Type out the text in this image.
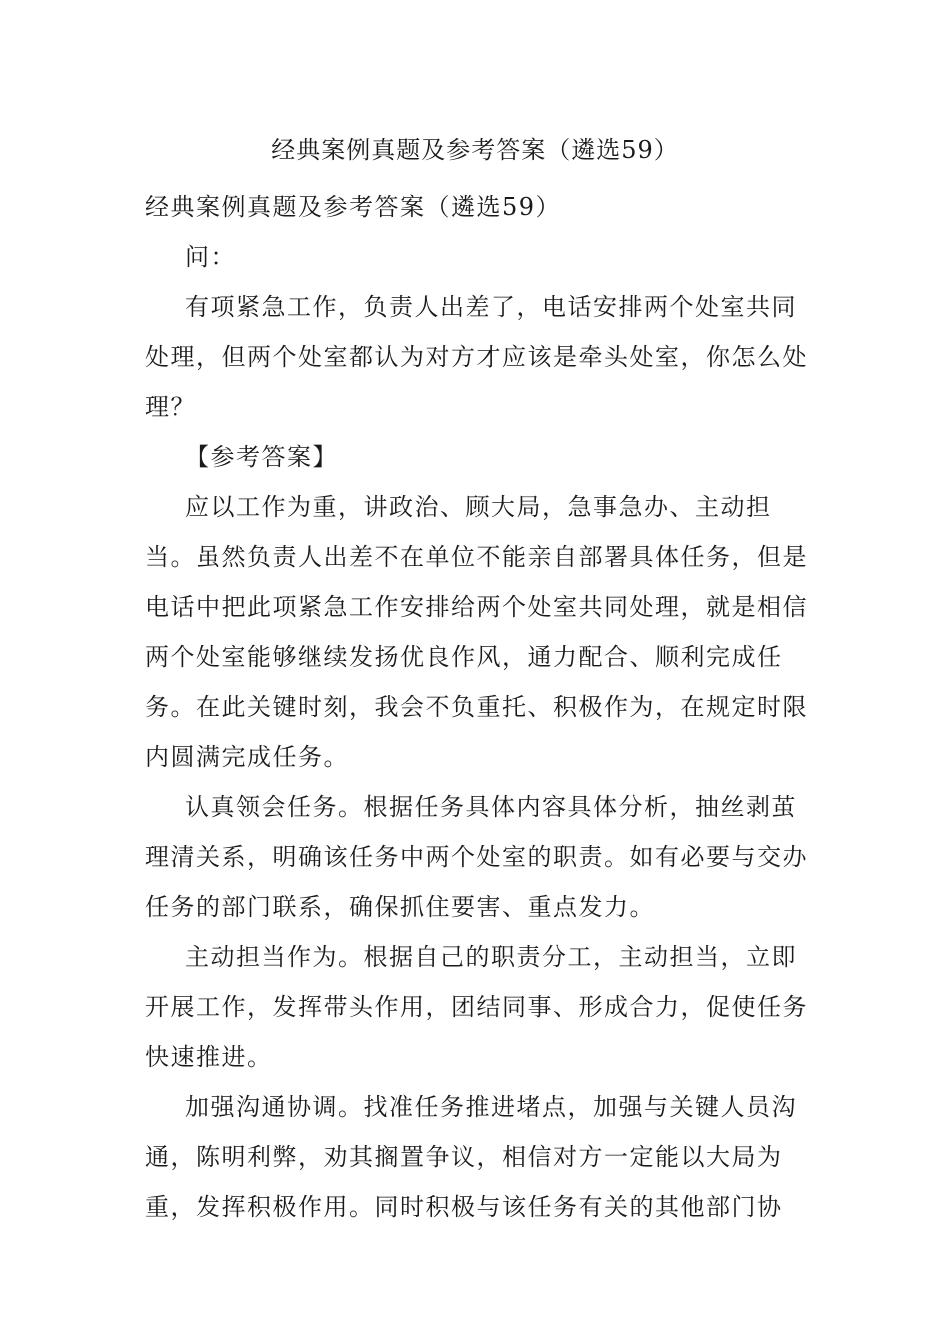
经典案例真题及参考答案（遴选59）

经典案例真题及参考答案（遴选59）

问：

有项紧急工作，负责人出差了，电话安排两个处室共同处理，但两个处室都认为对方才应该是牵头处室，你怎么处理？

【参考答案】

应以工作为重，讲政治、顾大局，急事急办、主动担当。虽然负责人出差不在单位不能亲自部署具体任务，但是电话中把此项紧急工作安排给两个处室共同处理，就是相信两个处室能够继续发扬优良作风，通力配合、顺利完成任务。在此关键时刻，我会不负重托、积极作为，在规定时限内圆满完成任务。

认真领会任务。根据任务具体内容具体分析，抽丝剥茧理清关系，明确该任务中两个处室的职责。如有必要与交办任务的部门联系，确保抓住要害、重点发力。

主动担当作为。根据自己的职责分工，主动担当，立即开展工作，发挥带头作用，团结同事、形成合力，促使任务快速推进。

加强沟通协调。找准任务推进堵点，加强与关键人员沟通，陈明利弊，劝其搁置争议，相信对方一定能以大局为重，发挥积极作用。同时积极与该任务有关的其他部门协
